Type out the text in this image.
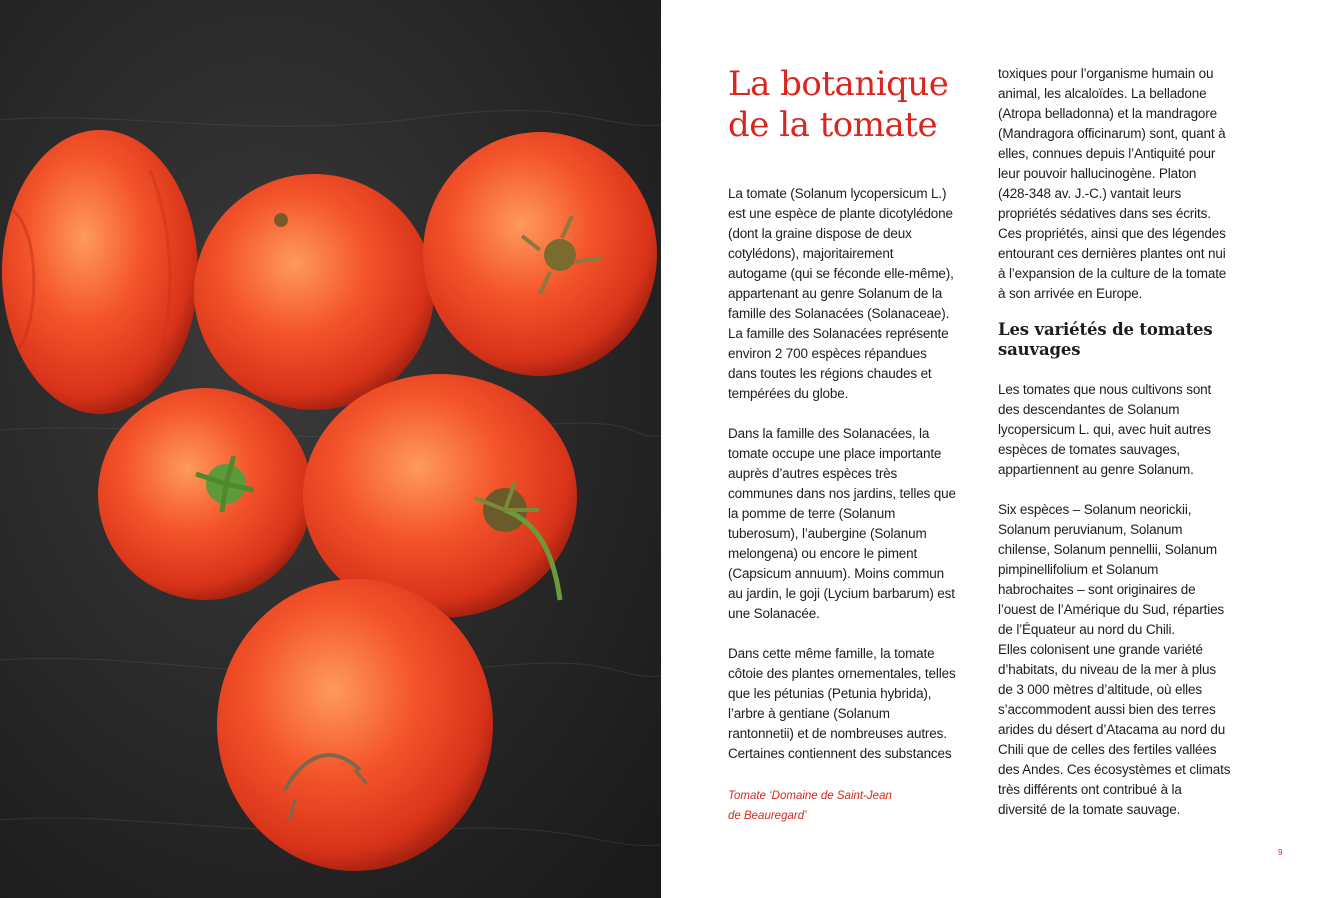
La botanique
de la tomate

La tomate (Solanum lycopersicum L.)

est une espèce de plante dicotylédone

(dont la graine dispose de deux

cotylédons), majoritairement

autogame (qui se féconde elle-même),

appartenant au genre Solanum de la

famille des Solanacées (Solanaceae).

La famille des Solanacées représente

environ 2 700 espèces répandues

dans toutes les régions chaudes et

tempérées du globe.

Dans la famille des Solanacées, la

tomate occupe une place importante

auprès d’autres espèces très

communes dans nos jardins, telles que

la pomme de terre (Solanum

tuberosum), l’aubergine (Solanum

melongena) ou encore le piment

(Capsicum annuum). Moins commun

au jardin, le goji (Lycium barbarum) est

une Solanacée.

Dans cette même famille, la tomate

côtoie des plantes ornementales, telles

que les pétunias (Petunia hybrida),

l’arbre à gentiane (Solanum

rantonnetii) et de nombreuses autres.

Certaines contiennent des substances

toxiques pour l’organisme humain ou

animal, les alcaloïdes. La belladone

(Atropa belladonna) et la mandragore

(Mandragora officinarum) sont, quant à

elles, connues depuis l’Antiquité pour

leur pouvoir hallucinogène. Platon

(428-348 av. J.-C.) vantait leurs

propriétés sédatives dans ses écrits.

Ces propriétés, ainsi que des légendes

entourant ces dernières plantes ont nui

à l’expansion de la culture de la tomate

à son arrivée en Europe.

Les variétés de tomates
sauvages

Les tomates que nous cultivons sont

des descendantes de Solanum

lycopersicum L. qui, avec huit autres

espèces de tomates sauvages,

appartiennent au genre Solanum.

Six espèces – Solanum neorickii,

Solanum peruvianum, Solanum

chilense, Solanum pennellii, Solanum

pimpinellifolium et Solanum

habrochaites – sont originaires de

l’ouest de l’Amérique du Sud, réparties

de l’Équateur au nord du Chili.

Elles colonisent une grande variété

d’habitats, du niveau de la mer à plus

de 3 000 mètres d’altitude, où elles

s’accommodent aussi bien des terres

arides du désert d’Atacama au nord du

Chili que de celles des fertiles vallées

des Andes. Ces écosystèmes et climats

très différents ont contribué à la

diversité de la tomate sauvage.

Tomate ‘Domaine de Saint-Jean
de Beauregard’
9
